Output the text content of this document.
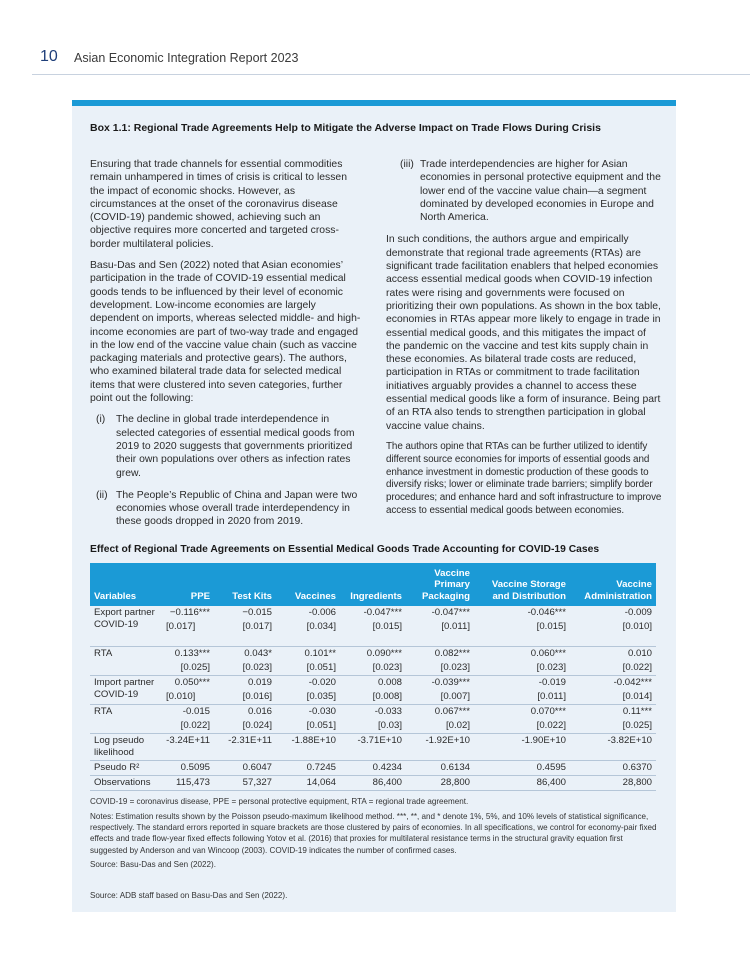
10 Asian Economic Integration Report 2023
Box 1.1: Regional Trade Agreements Help to Mitigate the Adverse Impact on Trade Flows During Crisis

Ensuring that trade channels for essential commodities remain unhampered in times of crisis is critical to lessen the impact of economic shocks. However, as circumstances at the onset of the coronavirus disease (COVID-19) pandemic showed, achieving such an objective requires more concerted and targeted cross-border multilateral policies.

Basu-Das and Sen (2022) noted that Asian economies’ participation in the trade of COVID-19 essential medical goods tends to be influenced by their level of economic development. Low-income economies are largely dependent on imports, whereas selected middle- and high-income economies are part of two-way trade and engaged in the low end of the vaccine value chain (such as vaccine packaging materials and protective gears). The authors, who examined bilateral trade data for selected medical items that were clustered into seven categories, further point out the following:

(i)	The decline in global trade interdependence in selected categories of essential medical goods from 2019 to 2020 suggests that governments prioritized their own populations over others as infection rates grew.
(ii) The People’s Republic of China and Japan were two economies whose overall trade interdependency in these goods dropped in 2020 from 2019.
(iii) Trade interdependencies are higher for Asian economies in personal protective equipment and the lower end of the vaccine value chain—a segment dominated by developed economies in Europe and North America.

In such conditions, the authors argue and empirically demonstrate that regional trade agreements (RTAs) are significant trade facilitation enablers that helped economies access essential medical goods when COVID-19 infection rates were rising and governments were focused on prioritizing their own populations. As shown in the box table, economies in RTAs appear more likely to engage in trade in essential medical goods, and this mitigates the impact of the pandemic on the vaccine and test kits supply chain in these economies. As bilateral trade costs are reduced, participation in RTAs or commitment to trade facilitation initiatives arguably provides a channel to access these essential medical goods like a form of insurance. Being part of an RTA also tends to strengthen participation in global vaccine value chains.

The authors opine that RTAs can be further utilized to identify different source economies for imports of essential goods and enhance investment in domestic production of these goods to diversify risks; lower or eliminate trade barriers; simplify border procedures; and enhance hard and soft infrastructure to improve access to essential medical goods between economies.

Effect of Regional Trade Agreements on Essential Medical Goods Trade Accounting for COVID-19 Cases
Variables	PPE	Test Kits	Vaccines	Ingredients	Vaccine Primary Packaging	Vaccine Storage and Distribution	Vaccine Administration
Export partner COVID-19	−0.116***	−0.015	-0.006	-0.047***	-0.047***	-0.046***	-0.009
	[0.017]	[0.017]	[0.034]	[0.015]	[0.011]	[0.015]	[0.010]
RTA	0.133***	0.043*	0.101**	0.090***	0.082***	0.060***	0.010
	[0.025]	[0.023]	[0.051]	[0.023]	[0.023]	[0.023]	[0.022]
Import partner COVID-19	0.050***	0.019	-0.020	0.008	-0.039***	-0.019	-0.042***
	[0.010]	[0.016]	[0.035]	[0.008]	[0.007]	[0.011]	[0.014]
RTA	-0.015	0.016	-0.030	-0.033	0.067***	0.070***	0.11***
	[0.022]	[0.024]	[0.051]	[0.03]	[0.02]	[0.022]	[0.025]
Log pseudo likelihood	-3.24E+11	-2.31E+11	-1.88E+10	-3.71E+10	-1.92E+10	-1.90E+10	-3.82E+10
Pseudo R²	0.5095	0.6047	0.7245	0.4234	0.6134	0.4595	0.6370
Observations	115,473	57,327	14,064	86,400	28,800	86,400	28,800
COVID-19 = coronavirus disease, PPE = personal protective equipment, RTA = regional trade agreement.
Notes: Estimation results shown by the Poisson pseudo-maximum likelihood method. ***, **, and * denote 1%, 5%, and 10% levels of statistical significance, respectively. The standard errors reported in square brackets are those clustered by pairs of economies. In all specifications, we control for economy-pair fixed effects and trade flow-year fixed effects following Yotov et al. (2016) that proxies for multilateral resistance terms in the structural gravity equation first suggested by Anderson and van Wincoop (2003). COVID-19 indicates the number of confirmed cases.
Source: Basu-Das and Sen (2022).
Source: ADB staff based on Basu-Das and Sen (2022).
